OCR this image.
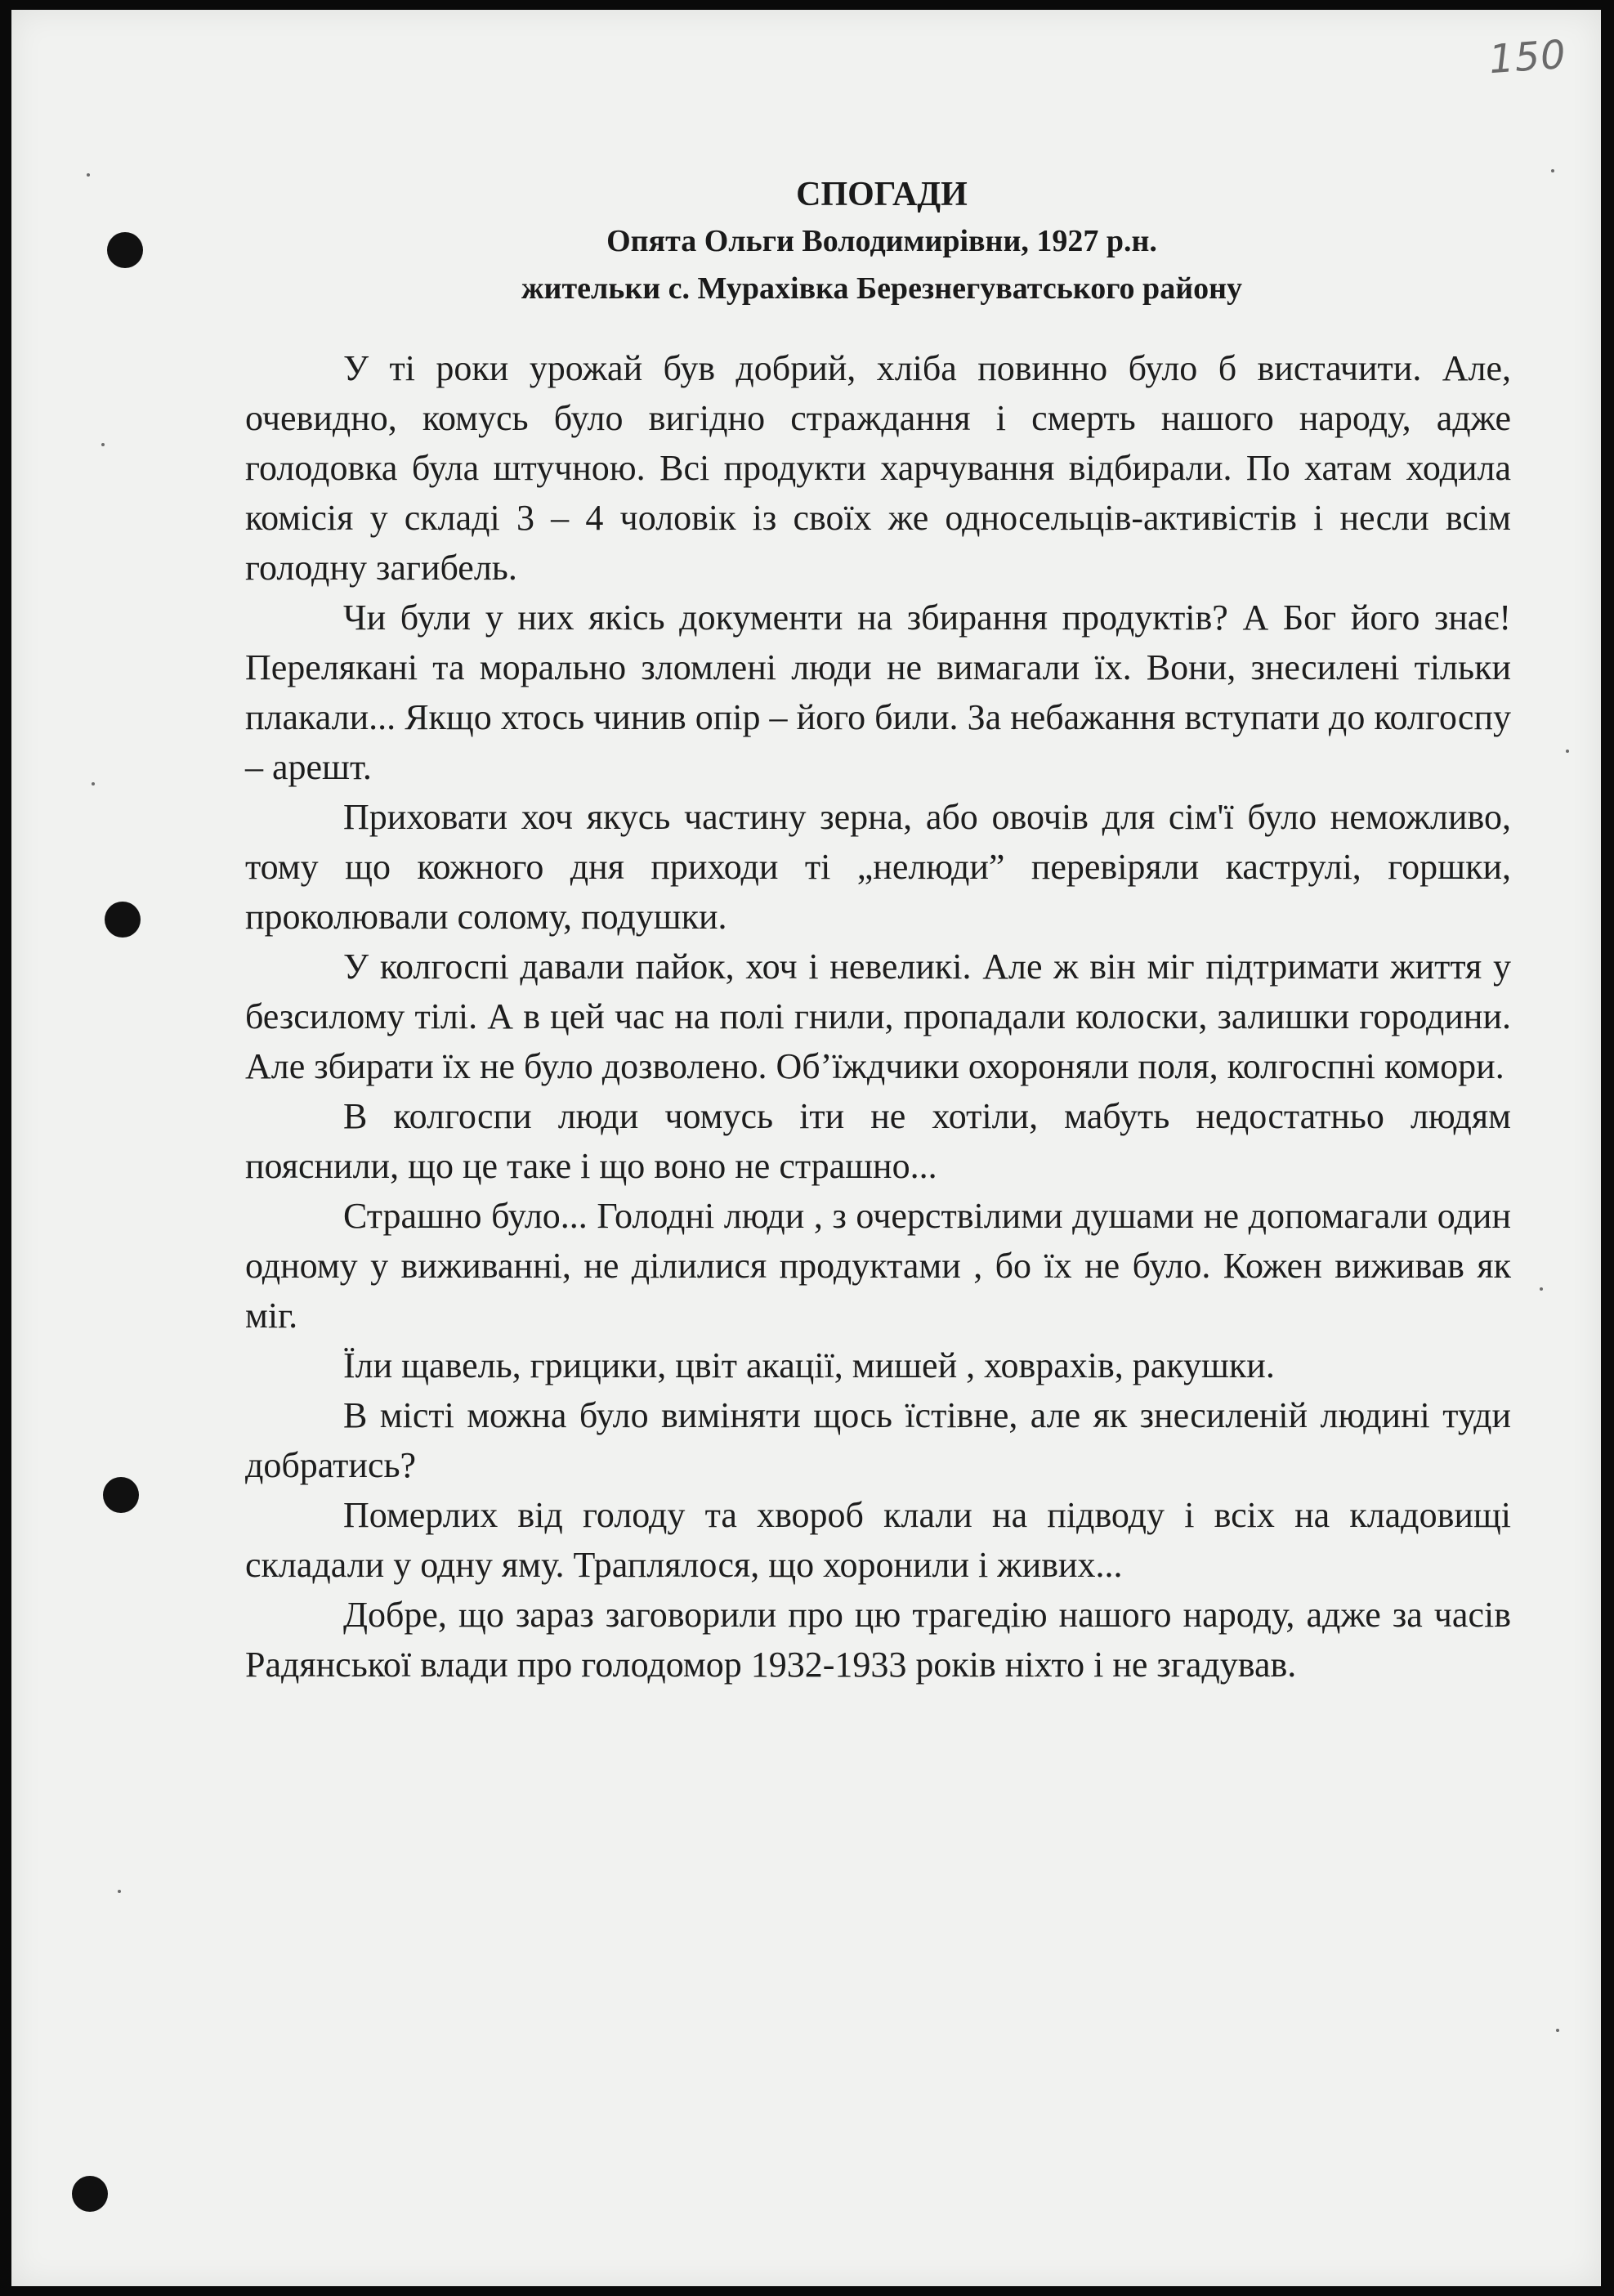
150
СПОГАДИ
Опята Ольги Володимирівни, 1927 р.н.
жительки с. Мурахівка Березнегуватського району

У ті роки урожай був добрий, хліба повинно було б вистачити. Але, очевидно, комусь було вигідно страждання і смерть нашого народу, адже голодовка була штучною. Всі продукти харчування відбирали. По хатам ходила комісія у складі 3 – 4 чоловік із своїх же односельців-активістів і несли всім голодну загибель.

Чи були у них якісь документи на збирання продуктів? А Бог його знає! Перелякані та морально зломлені люди не вимагали їх. Вони, знесилені тільки плакали... Якщо хтось чинив опір – його били. За небажання вступати до колгоспу – арешт.

Приховати хоч якусь частину зерна, або овочів для сім'ї було неможливо, тому що кожного дня приходи ті „нелюди” перевіряли каструлі, горшки, проколювали солому, подушки.

У колгоспі давали пайок, хоч і невеликі. Але ж він міг підтримати життя у безсилому тілі. А в цей час на полі гнили, пропадали колоски, залишки городини. Але збирати їх не було дозволено. Об’їждчики охороняли поля, колгоспні комори.

В колгоспи люди чомусь іти не хотіли, мабуть недостатньо людям пояснили, що це таке і що воно не страшно...

Страшно було... Голодні люди , з очерствілими душами не допомагали один одному у виживанні, не ділилися продуктами , бо їх не було. Кожен виживав як міг.

Їли щавель, грицики, цвіт акації, мишей , ховрахів, ракушки.

В місті можна було виміняти щось їстівне, але як знесиленій людині туди добратись?

Померлих від голоду та хвороб клали на підводу і всіх на кладовищі складали у одну яму. Траплялося, що хоронили і живих...

Добре, що зараз заговорили про цю трагедію нашого народу, адже за часів Радянської влади про голодомор 1932-1933 років ніхто і не згадував.
